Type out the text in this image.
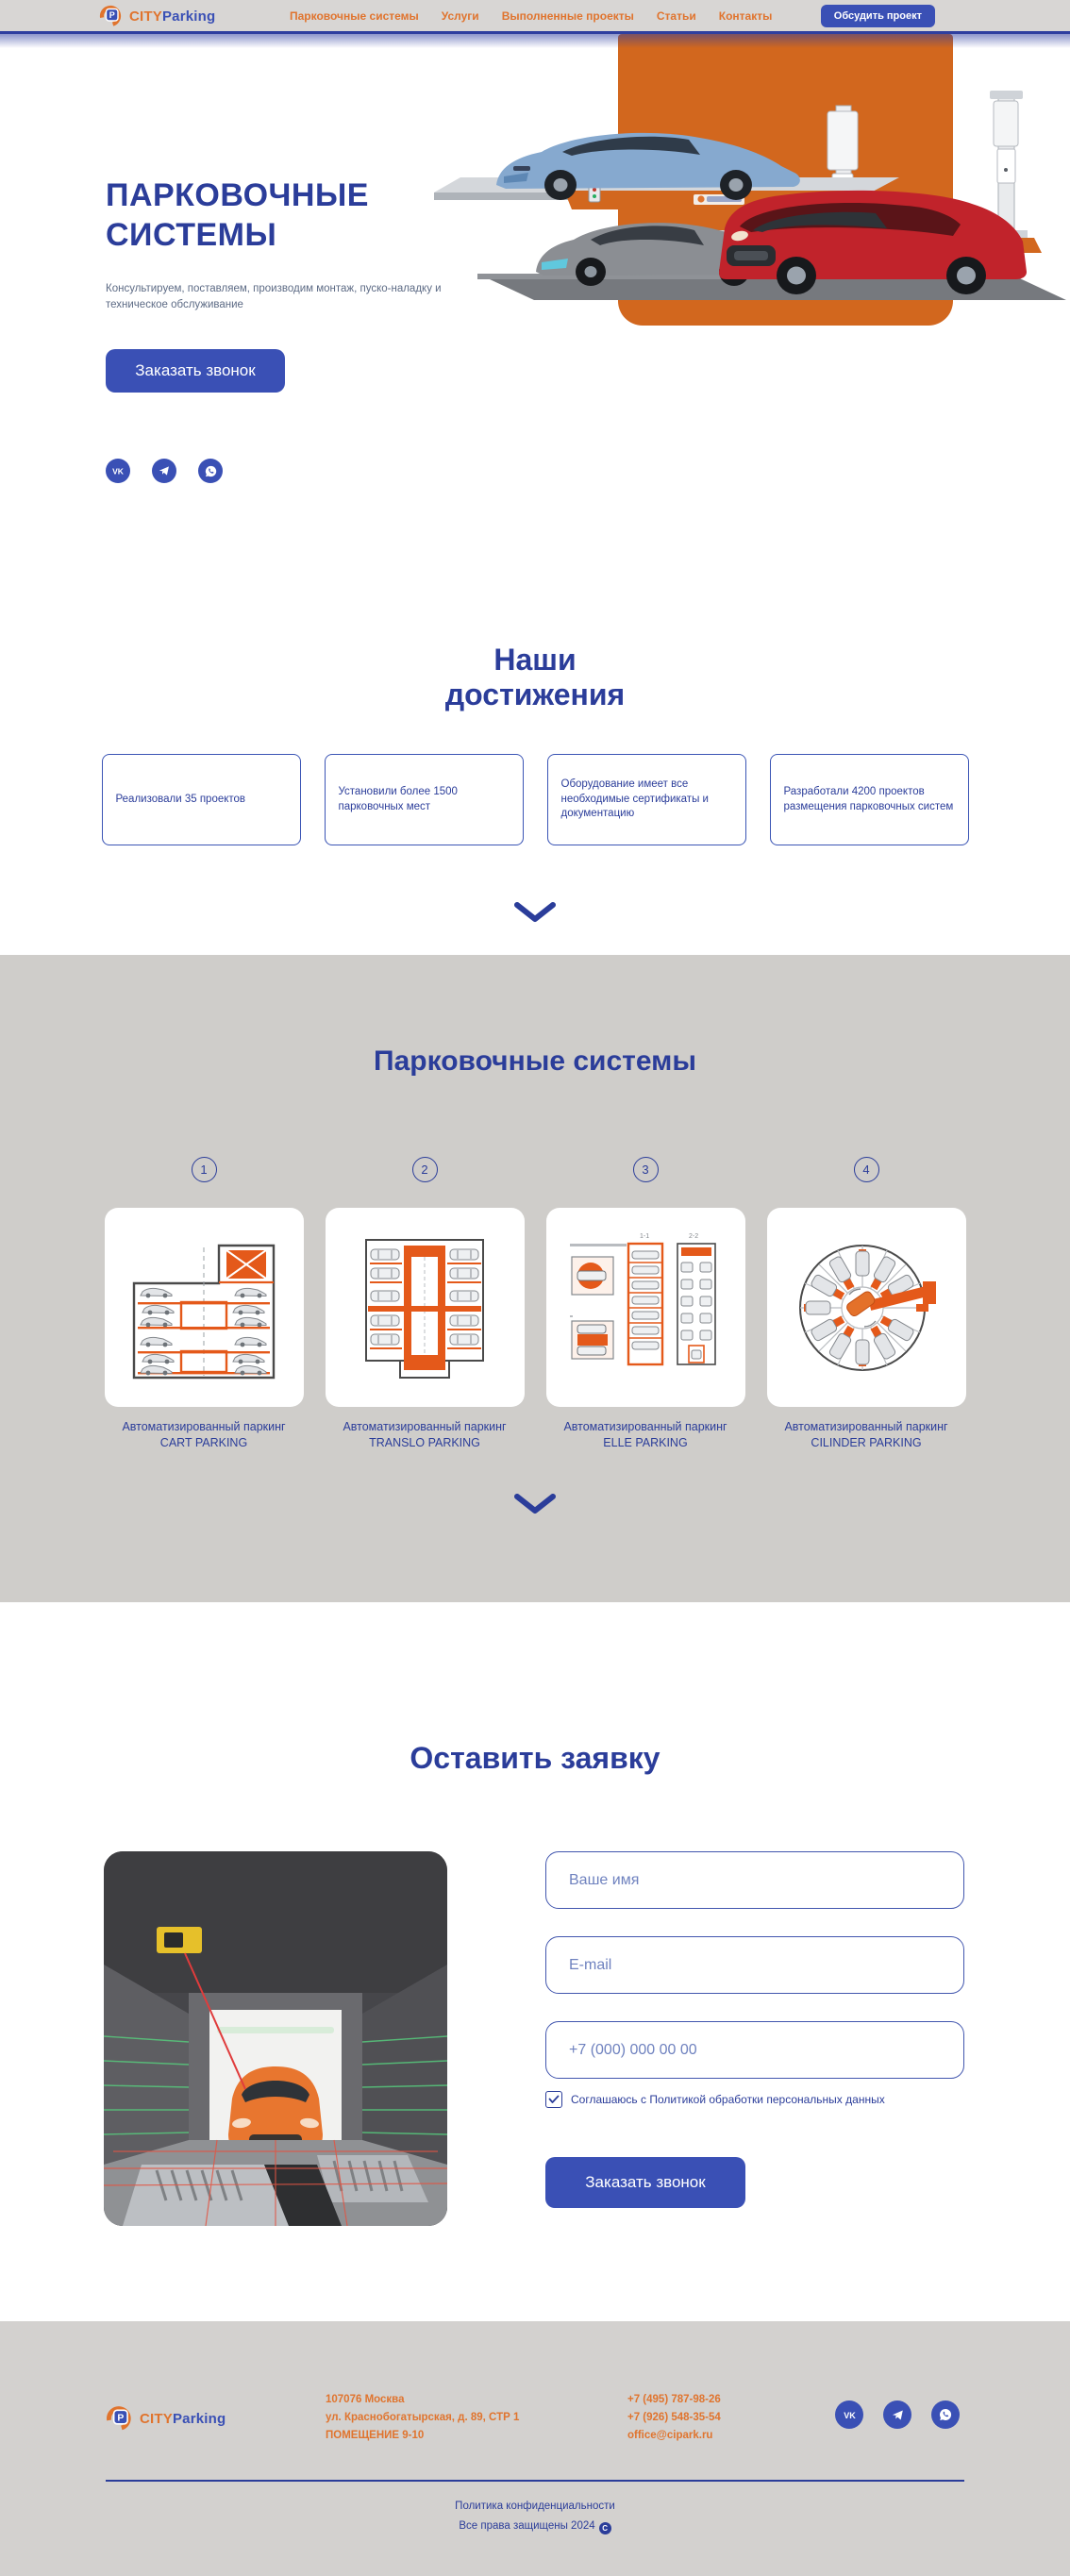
P CITYParking	Парковочные системы Услуги Выполненные проекты Статьи Контакты	Обсудить проект
ПАРКОВОЧНЫЕ
СИСТЕМЫ

Консультируем, поставляем, производим монтаж, пуско-наладку и техническое обслуживание

Заказать звонок
VK
Наши
достижения
Реализовали 35 проектов
Установили более 1500 парковочных мест
Оборудование имеет все необходимые сертификаты и документацию
Разработали 4200 проектов размещения парковочных систем
Парковочные системы
1	2	3	4
1-1	2-2
Автоматизированный паркинг
CART PARKING
Автоматизированный паркинг
TRANSLO PARKING
Автоматизированный паркинг
ELLE PARKING
Автоматизированный паркинг
CILINDER PARKING
Оставить заявку
Ваше имя
E-mail
+7 (000) 000 00 00
Соглашаюсь с Политикой обработки персональных данных
Заказать звонок
P CITYParking
107076 Москва
ул. Краснобогатырская, д. 89, СТР 1
ПОМЕЩЕНИЕ 9-10
+7 (495) 787-98-26
+7 (926) 548-35-54
office@cipark.ru
VK
Политика конфиденциальности
Все права защищены 2024 C
